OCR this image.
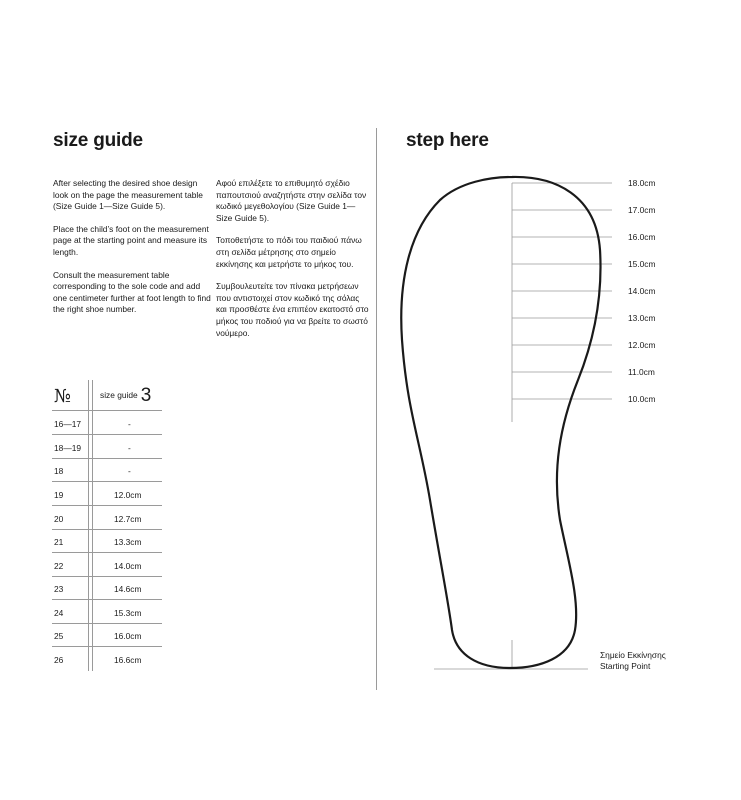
size guide

After selecting the desired shoe design look on the page the measurement table (Size Guide 1—Size Guide 5).

Place the child’s foot on the measurement page at the starting point and measure its length.

Consult the measurement table corresponding to the sole code and add one centimeter further at foot length to find the right shoe number.

Αφού επιλέξετε το επιθυμητό σχέδιο παπουτσιού αναζητήστε στην σελίδα τον κωδικό μεγεθολογίου (Size Guide 1—Size Guide 5).

Τοποθετήστε το πόδι του παιδιού πάνω στη σελίδα μέτρησης στο σημείο εκκίνησης και μετρήστε το μήκος του.

Συμβουλευτείτε τον πίνακα μετρήσεων που αντιστοιχεί στον κωδικό της σόλας και προσθέστε ένα επιπέον εκατοστό στο μήκος του ποδιού για να βρείτε το σωστό νούμερο.

№	size guide 3
16—17	-
18—19	-
18	-
19	12.0cm
20	12.7cm
21	13.3cm
22	14.0cm
23	14.6cm
24	15.3cm
25	16.0cm
26	16.6cm
step here
18.0cm
17.0cm
16.0cm
15.0cm
14.0cm
13.0cm
12.0cm
11.0cm
10.0cm
Σημείο Εκκίνησης
Starting Point
